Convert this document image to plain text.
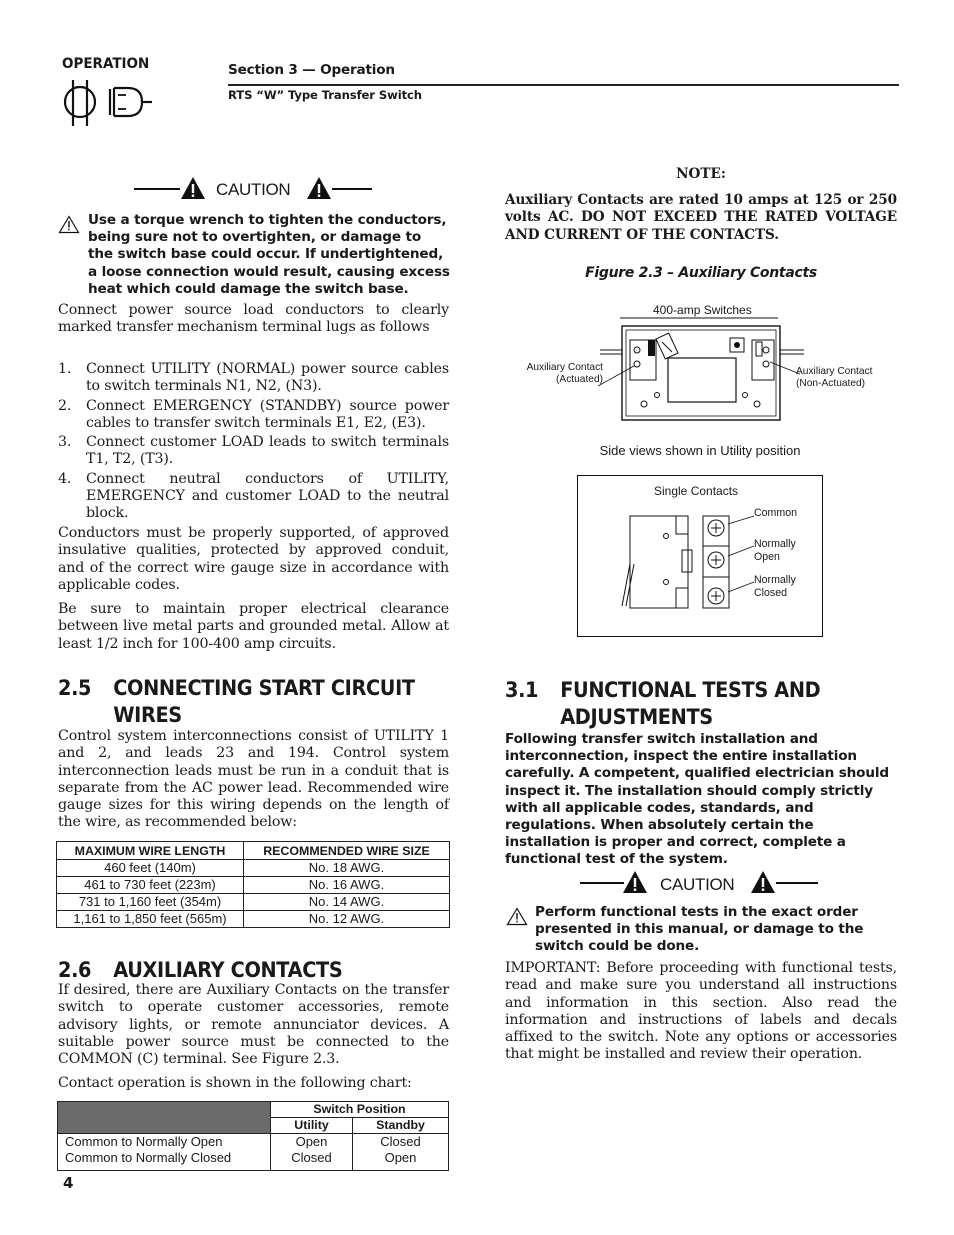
OPERATION	Section 3 — Operation
RTS “W” Type Transfer Switch
CAUTION

Use a torque wrench to tighten the conductors, being sure not to overtighten, or damage to the switch base could occur. If undertightened, a loose connection would result, causing excess heat which could damage the switch base.

Connect power source load conductors to clearly marked transfer mechanism terminal lugs as follows

1. Connect UTILITY (NORMAL) power source cables to switch terminals N1, N2, (N3).
2. Connect EMERGENCY (STANDBY) source power cables to transfer switch terminals E1, E2, (E3).
3. Connect customer LOAD leads to switch terminals T1, T2, (T3).
4. Connect neutral conductors of UTILITY, EMERGENCY and customer LOAD to the neutral block.

Conductors must be properly supported, of approved insulative qualities, protected by approved conduit, and of the correct wire gauge size in accordance with applicable codes.

Be sure to maintain proper electrical clearance between live metal parts and grounded metal. Allow at least 1/2 inch for 100-400 amp circuits.

2.5 CONNECTING START CIRCUIT
WIRES

Control system interconnections consist of UTILITY 1 and 2, and leads 23 and 194. Control system interconnection leads must be run in a conduit that is separate from the AC power lead. Recommended wire gauge sizes for this wiring depends on the length of the wire, as recommended below:

MAXIMUM WIRE LENGTH	RECOMMENDED WIRE SIZE
460 feet (140m)	No. 18 AWG.
461 to 730 feet (223m)	No. 16 AWG.
731 to 1,160 feet (354m)	No. 14 AWG.
1,161 to 1,850 feet (565m)	No. 12 AWG.
2.6 AUXILIARY CONTACTS

If desired, there are Auxiliary Contacts on the transfer switch to operate customer accessories, remote advisory lights, or remote annunciator devices. A suitable power source must be connected to the COMMON (C) terminal. See Figure 2.3.

Contact operation is shown in the following chart:

	Switch Position	
	Utility	Standby
Common to Normally Open	Open	Closed
Common to Normally Closed	Closed	Open
4
NOTE:

Auxiliary Contacts are rated 10 amps at 125 or 250 volts AC. DO NOT EXCEED THE RATED VOLTAGE AND CURRENT OF THE CONTACTS.

Figure 2.3 – Auxiliary Contacts
400-amp Switches
Auxiliary Contact
(Actuated)
Auxiliary Contact
(Non-Actuated)
Side views shown in Utility position
Single Contacts
Common
Normally
Open
Normally
Closed
3.1 FUNCTIONAL TESTS AND
ADJUSTMENTS

Following transfer switch installation and interconnection, inspect the entire installation carefully. A competent, qualified electrician should inspect it. The installation should comply strictly with all applicable codes, standards, and regulations. When absolutely certain the installation is proper and correct, complete a functional test of the system.

CAUTION

Perform functional tests in the exact order presented in this manual, or damage to the switch could be done.

IMPORTANT: Before proceeding with functional tests, read and make sure you understand all instructions and information in this section. Also read the information and instructions of labels and decals affixed to the switch. Note any options or accessories that might be installed and review their operation.
